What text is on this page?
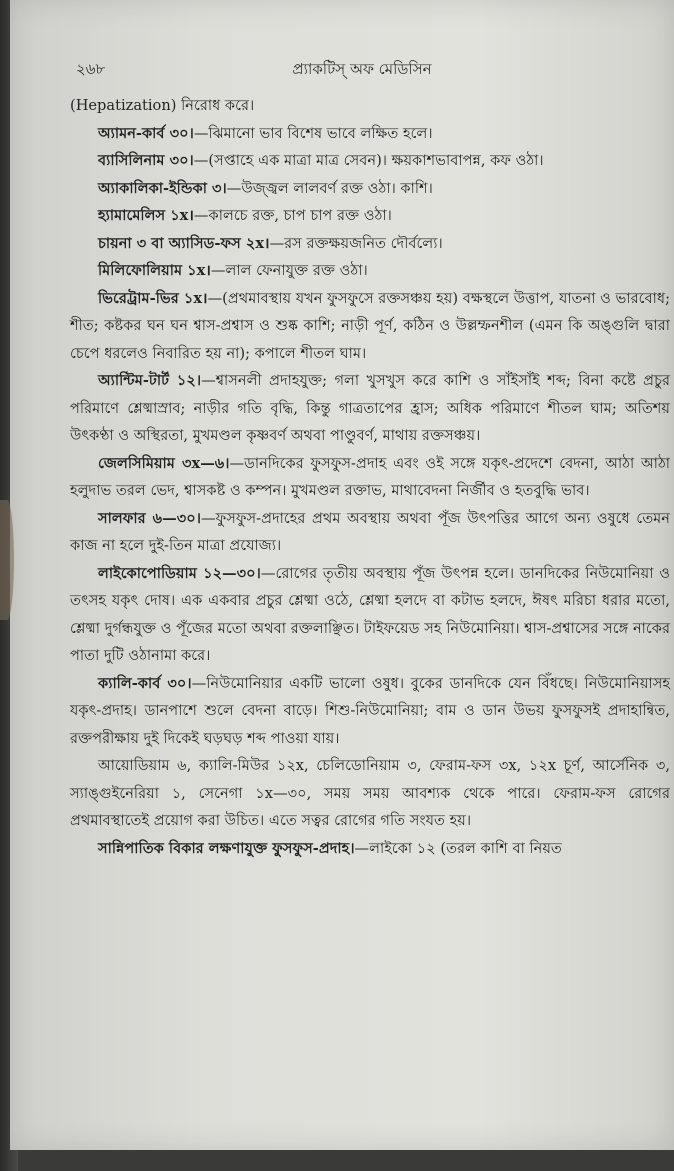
২৬৮	প্র্যাকটিস্ অফ মেডিসিন

(Hepatization) নিরোধ করে।

অ্যামন-কার্ব ৩০।—ঝিমানো ভাব বিশেষ ভাবে লক্ষিত হলে।

ব্যাসিলিনাম ৩০।—(সপ্তাহে এক মাত্রা মাত্র সেবন)। ক্ষয়কাশভাবাপন্ন, কফ ওঠা।

অ্যাকালিকা-ইন্ডিকা ৩।—উজ্জ্বল লালবর্ণ রক্ত ওঠা। কাশি।

হ্যামামেলিস ১x।—কালচে রক্ত, চাপ চাপ রক্ত ওঠা।

চায়না ৩ বা অ্যাসিড-ফস ২x।—রস রক্তক্ষয়জনিত দৌর্বল্যে।

মিলিফোলিয়াম ১x।—লাল ফেনাযুক্ত রক্ত ওঠা।

ভিরেট্রাম-ভির ১x।—(প্রথমাবস্থায় যখন ফুসফুসে রক্তসঞ্চয় হয়) বক্ষস্থলে উত্তাপ, যাতনা ও ভারবোধ; শীত; কষ্টকর ঘন ঘন শ্বাস-প্রশ্বাস ও শুষ্ক কাশি; নাড়ী পূর্ণ, কঠিন ও উল্লম্ফনশীল (এমন কি অঙ্গুলি দ্বারা চেপে ধরলেও নিবারিত হয় না); কপালে শীতল ঘাম।

অ্যান্টিম-টার্ট ১২।—শ্বাসনলী প্রদাহযুক্ত; গলা খুসখুস করে কাশি ও সাঁইসাঁই শব্দ; বিনা কষ্টে প্রচুর পরিমাণে শ্লেষ্মাস্রাব; নাড়ীর গতি বৃদ্ধি, কিন্তু গাত্রতাপের হ্রাস; অধিক পরিমাণে শীতল ঘাম; অতিশয় উৎকণ্ঠা ও অস্থিরতা, মুখমণ্ডল কৃষ্ণবর্ণ অথবা পাণ্ডুবর্ণ, মাথায় রক্তসঞ্চয়।

জেলসিমিয়াম ৩x—৬।—ডানদিকের ফুসফুস-প্রদাহ এবং ওই সঙ্গে যকৃৎ-প্রদেশে বেদনা, আঠা আঠা হলুদাভ তরল ভেদ, শ্বাসকষ্ট ও কম্পন। মুখমণ্ডল রক্তাভ, মাথাবেদনা নির্জীব ও হতবুদ্ধি ভাব।

সালফার ৬—৩০।—ফুসফুস-প্রদাহের প্রথম অবস্থায় অথবা পূঁজ উৎপত্তির আগে অন্য ওষুধে তেমন কাজ না হলে দুই-তিন মাত্রা প্রযোজ্য।

লাইকোপোডিয়াম ১২—৩০।—রোগের তৃতীয় অবস্থায় পূঁজ উৎপন্ন হলে। ডানদিকের নিউমোনিয়া ও তৎসহ যকৃৎ দোষ। এক একবার প্রচুর শ্লেষ্মা ওঠে, শ্লেষ্মা হলদে বা কটাভ হলদে, ঈষৎ মরিচা ধরার মতো, শ্লেষ্মা দুর্গন্ধযুক্ত ও পূঁজের মতো অথবা রক্তলাঞ্ছিত। টাইফয়েড সহ নিউমোনিয়া। শ্বাস-প্রশ্বাসের সঙ্গে নাকের পাতা দুটি ওঠানামা করে।

ক্যালি-কার্ব ৩০।—নিউমোনিয়ার একটি ভালো ওষুধ। বুকের ডানদিকে যেন বিঁধছে। নিউমোনিয়াসহ যকৃৎ-প্রদাহ। ডানপাশে শুলে বেদনা বাড়ে। শিশু-নিউমোনিয়া; বাম ও ডান উভয় ফুসফুসই প্রদাহান্বিত, রক্তপরীক্ষায় দুই দিকেই ঘড়ঘড় শব্দ পাওয়া যায়।

আয়োডিয়াম ৬, ক্যালি-মিউর ১২x, চেলিডোনিয়াম ৩, ফেরাম-ফস ৩x, ১২x চূর্ণ, আর্সেনিক ৩, স্যাঙ্গুইনেরিয়া ১, সেনেগা ১x—৩০, সময় সময় আবশ্যক থেকে পারে। ফেরাম-ফস রোগের প্রথমাবস্থাতেই প্রয়োগ করা উচিত। এতে সত্বর রোগের গতি সংযত হয়।

সান্নিপাতিক বিকার লক্ষণাযুক্ত ফুসফুস-প্রদাহ।—লাইকো ১২ (তরল কাশি বা নিয়ত
